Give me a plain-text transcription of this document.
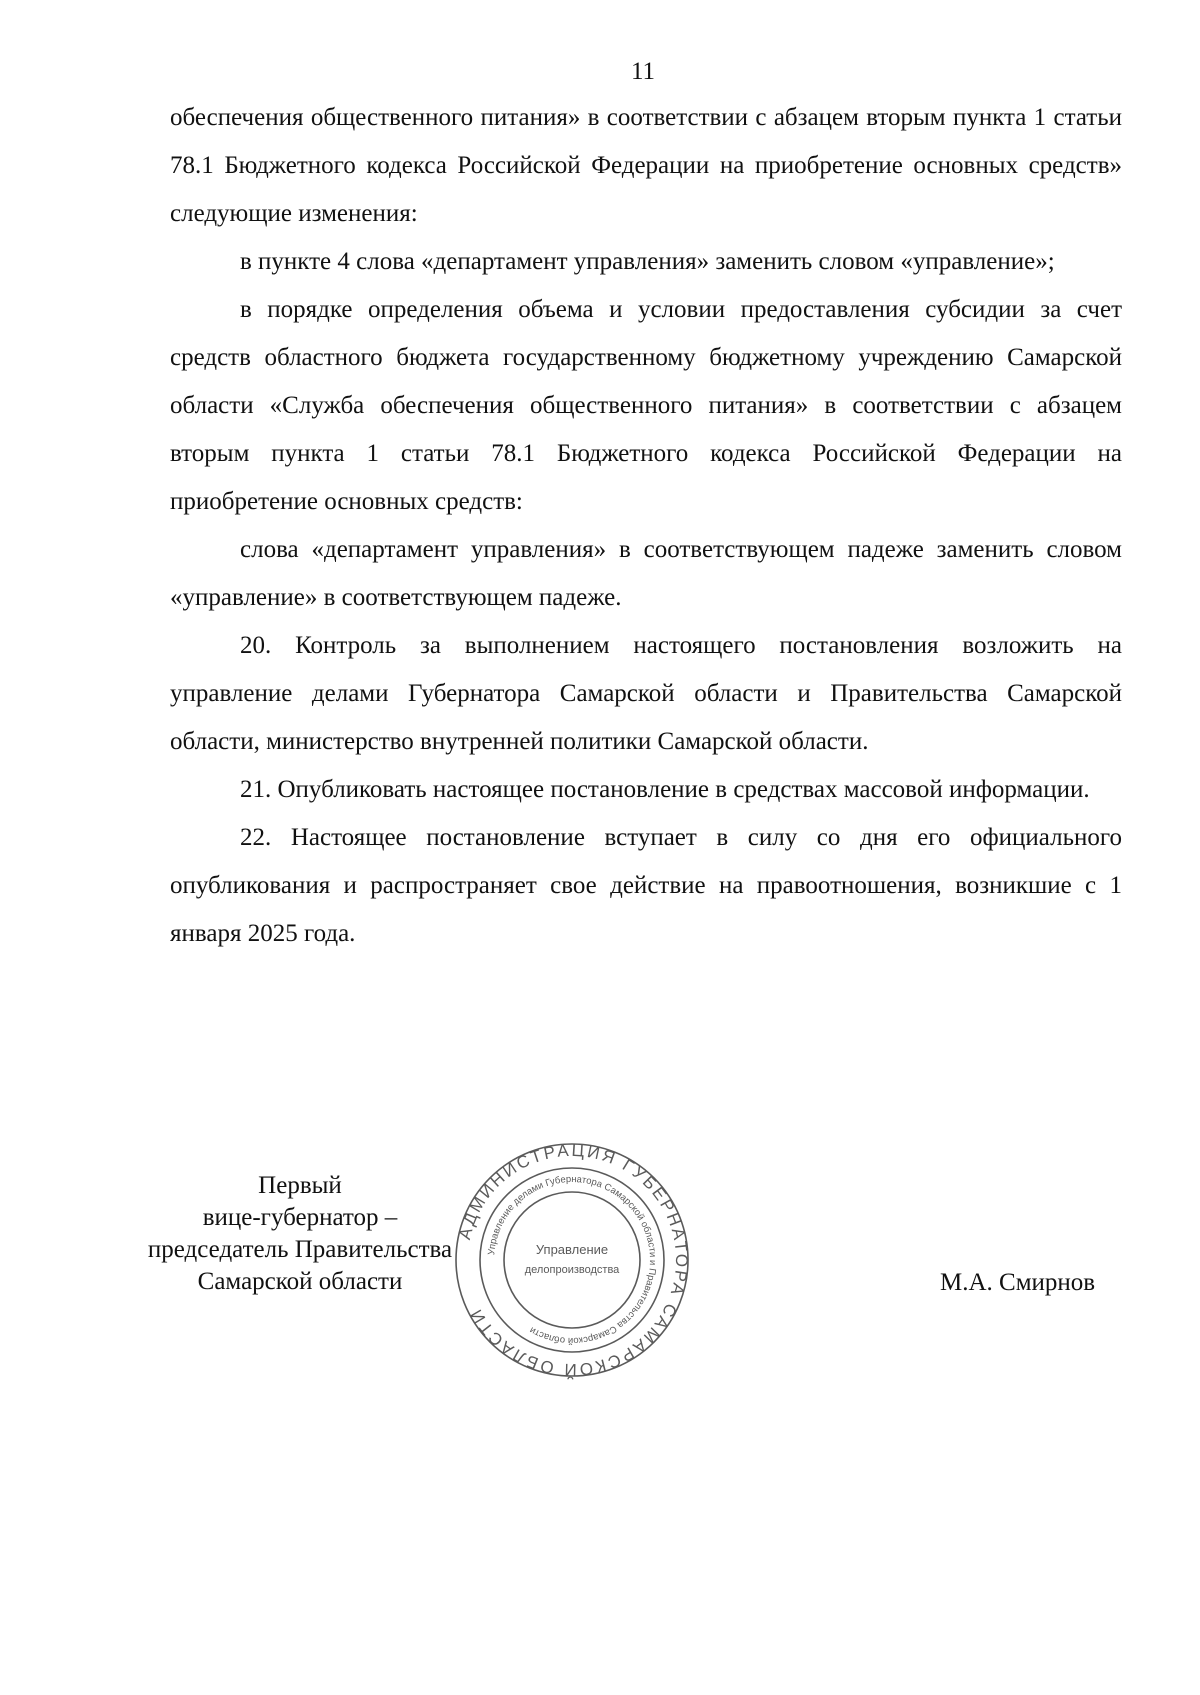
11

обеспечения общественного питания» в соответствии с абзацем вторым пункта 1 статьи 78.1 Бюджетного кодекса Российской Федерации на приобретение основных средств» следующие изменения:

в пункте 4 слова «департамент управления» заменить словом «управление»;

в порядке определения объема и условии предоставления субсидии за счет средств областного бюджета государственному бюджетному учреждению Самарской области «Служба обеспечения общественного питания» в соответствии с абзацем вторым пункта 1 статьи 78.1 Бюджетного кодекса Российской Федерации на приобретение основных средств:

слова «департамент управления» в соответствующем падеже заменить словом «управление» в соответствующем падеже.

20. Контроль за выполнением настоящего постановления возложить на управление делами Губернатора Самарской области и Правительства Самарской области, министерство внутренней политики Самарской области.

21. Опубликовать настоящее постановление в средствах массовой информации.

22. Настоящее постановление вступает в силу со дня его официального опубликования и распространяет свое действие на правоотношения, возникшие с 1 января 2025 года.

Первый
вице-губернатор –
председатель Правительства
Самарской области
АДМИНИСТРАЦИЯ ГУБЕРНАТОРА САМАРСКОЙ ОБЛАСТИ
Управление делами Губернатора Самарской области и Правительства Самарской области
Управление
делопроизводства	М.А. Смирнов
